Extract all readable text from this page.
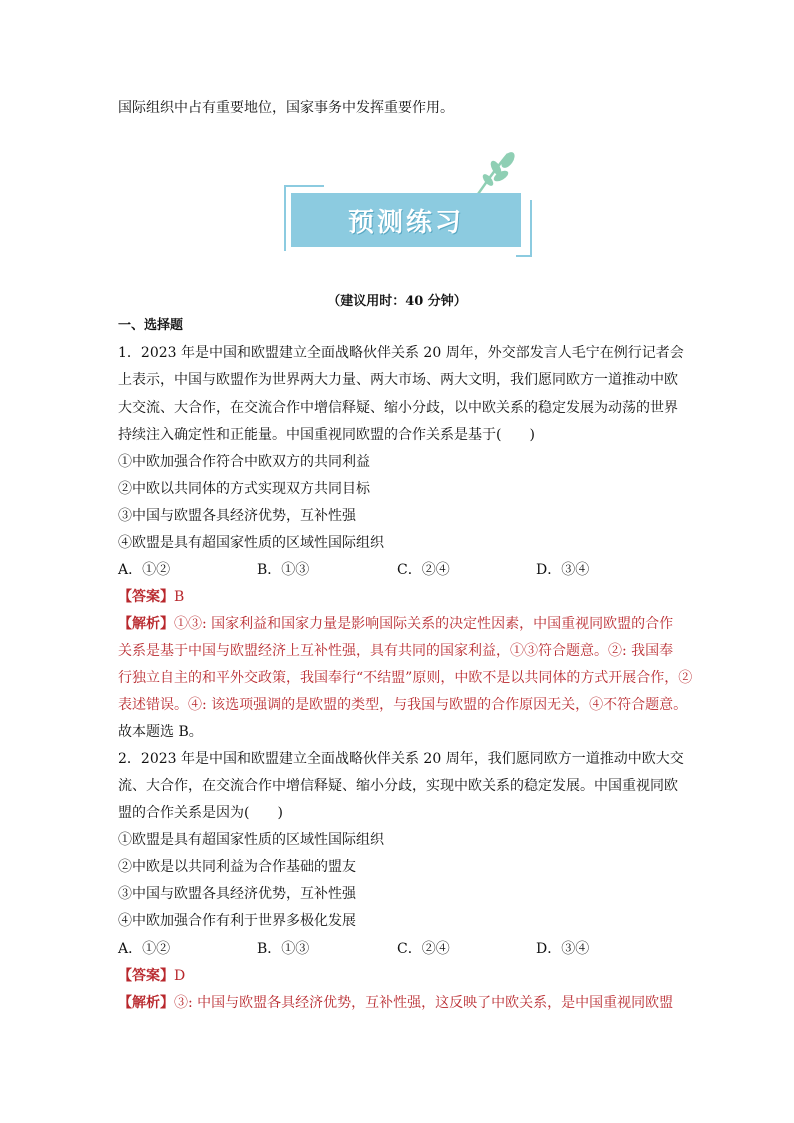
国际组织中占有重要地位，国家事务中发挥重要作用。
预测练习
（建议用时：40 分钟）
一、选择题
1．2023 年是中国和欧盟建立全面战略伙伴关系 20 周年，外交部发言人毛宁在例行记者会
上表示，中国与欧盟作为世界两大力量、两大市场、两大文明，我们愿同欧方一道推动中欧
大交流、大合作，在交流合作中增信释疑、缩小分歧，以中欧关系的稳定发展为动荡的世界
持续注入确定性和正能量。中国重视同欧盟的合作关系是基于(　　)
①中欧加强合作符合中欧双方的共同利益
②中欧以共同体的方式实现双方共同目标
③中国与欧盟各具经济优势，互补性强
④欧盟是具有超国家性质的区域性国际组织
A．①②	B．①③	C．②④	D．③④
【答案】B
【解析】①③: 国家利益和国家力量是影响国际关系的决定性因素，中国重视同欧盟的合作
关系是基于中国与欧盟经济上互补性强，具有共同的国家利益，①③符合题意。②: 我国奉
行独立自主的和平外交政策，我国奉行“不结盟”原则，中欧不是以共同体的方式开展合作，②
表述错误。④: 该选项强调的是欧盟的类型，与我国与欧盟的合作原因无关，④不符合题意。
故本题选 B。
2．2023 年是中国和欧盟建立全面战略伙伴关系 20 周年，我们愿同欧方一道推动中欧大交
流、大合作，在交流合作中增信释疑、缩小分歧，实现中欧关系的稳定发展。中国重视同欧
盟的合作关系是因为(　　)
①欧盟是具有超国家性质的区域性国际组织
②中欧是以共同利益为合作基础的盟友
③中国与欧盟各具经济优势，互补性强
④中欧加强合作有利于世界多极化发展
A．①②	B．①③	C．②④	D．③④
【答案】D
【解析】③: 中国与欧盟各具经济优势，互补性强，这反映了中欧关系，是中国重视同欧盟
